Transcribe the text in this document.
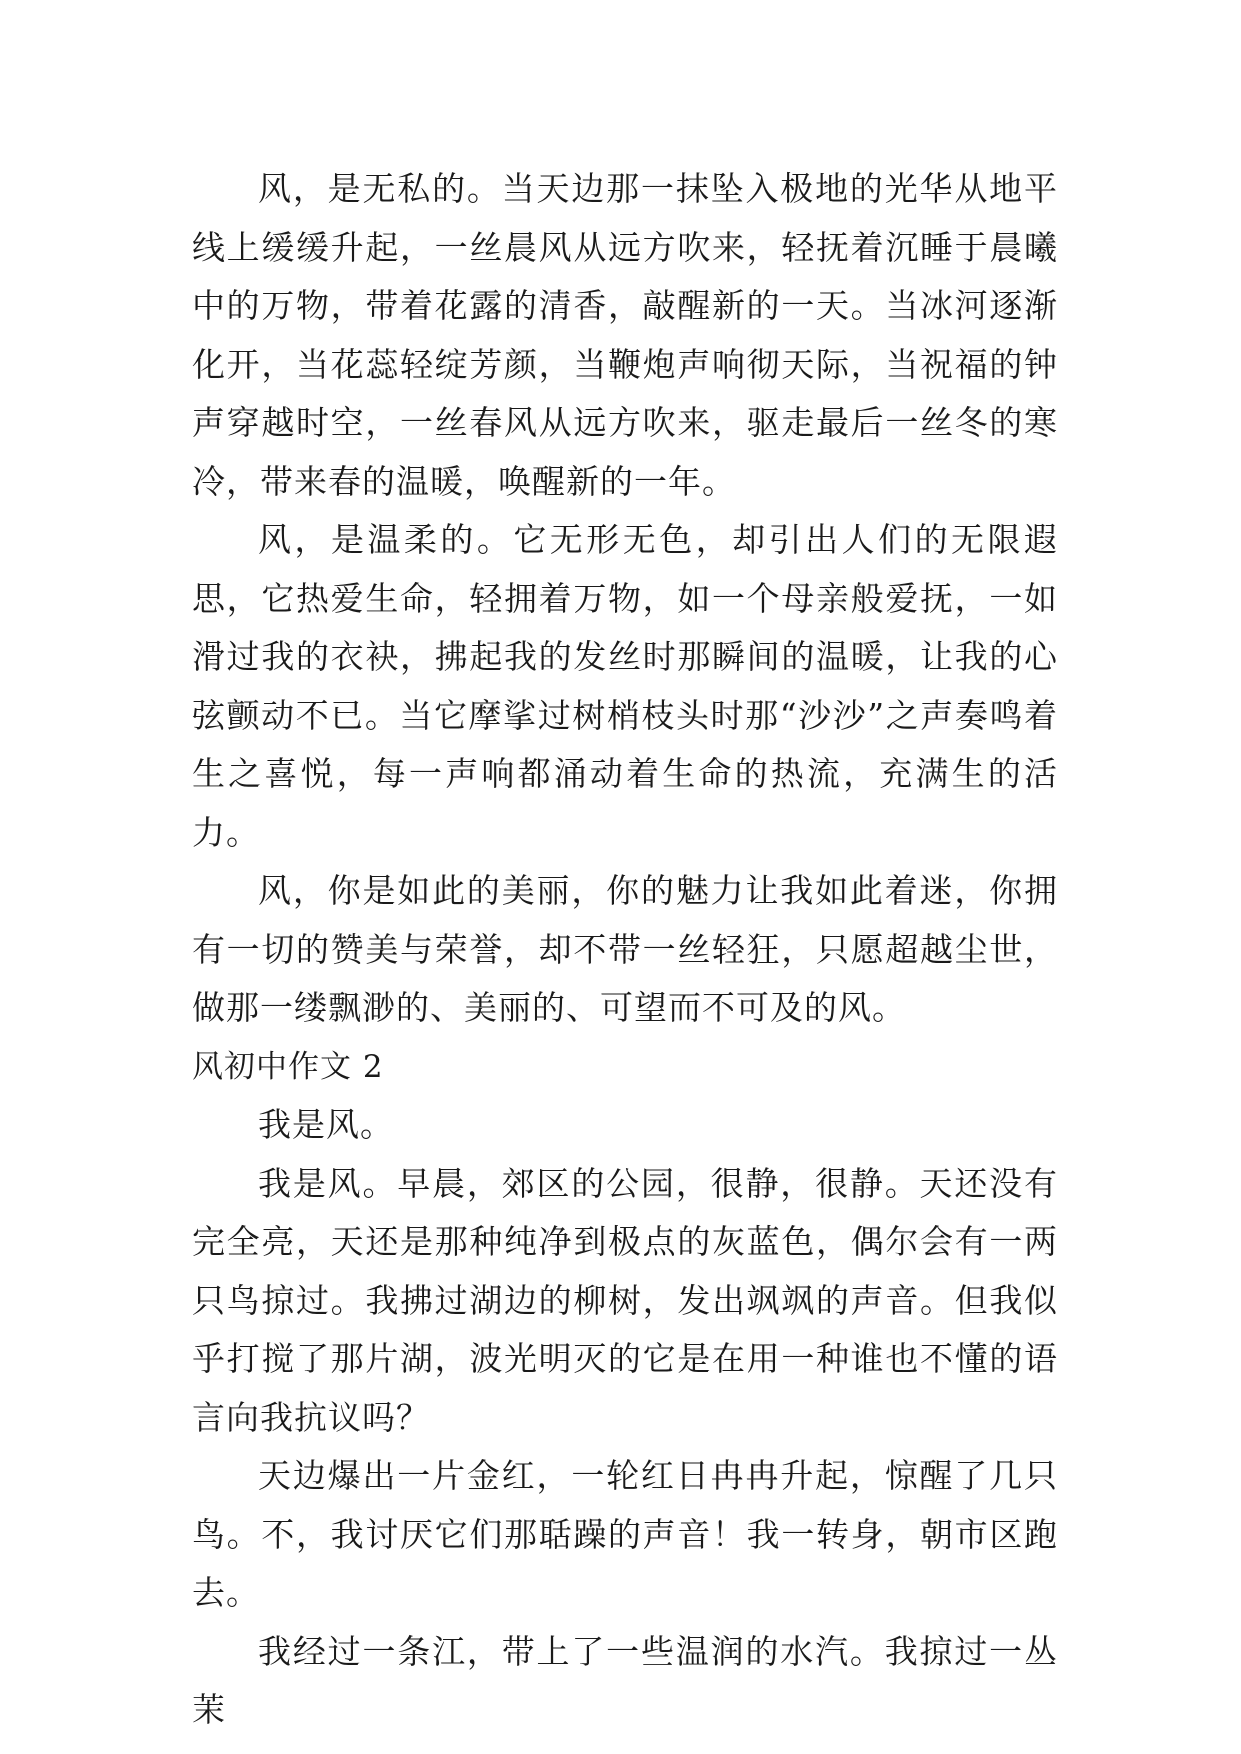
风，是无私的。当天边那一抹坠入极地的光华从地平线上缓缓升起，一丝晨风从远方吹来，轻抚着沉睡于晨曦中的万物，带着花露的清香，敲醒新的一天。当冰河逐渐化开，当花蕊轻绽芳颜，当鞭炮声响彻天际，当祝福的钟声穿越时空，一丝春风从远方吹来，驱走最后一丝冬的寒冷，带来春的温暖，唤醒新的一年。

风，是温柔的。它无形无色，却引出人们的无限遐思，它热爱生命，轻拥着万物，如一个母亲般爱抚，一如滑过我的衣袂，拂起我的发丝时那瞬间的温暖，让我的心弦颤动不已。当它摩挲过树梢枝头时那“沙沙”之声奏鸣着生之喜悦，每一声响都涌动着生命的热流，充满生的活力。

风，你是如此的美丽，你的魅力让我如此着迷，你拥有一切的赞美与荣誉，却不带一丝轻狂，只愿超越尘世，做那一缕飘渺的、美丽的、可望而不可及的风。

风初中作文 2

我是风。

我是风。早晨，郊区的公园，很静，很静。天还没有完全亮，天还是那种纯净到极点的灰蓝色，偶尔会有一两只鸟掠过。我拂过湖边的柳树，发出飒飒的声音。但我似乎打搅了那片湖，波光明灭的它是在用一种谁也不懂的语言向我抗议吗？

天边爆出一片金红，一轮红日冉冉升起，惊醒了几只鸟。不，我讨厌它们那聒躁的声音！我一转身，朝市区跑去。

我经过一条江，带上了一些温润的水汽。我掠过一丛茉
